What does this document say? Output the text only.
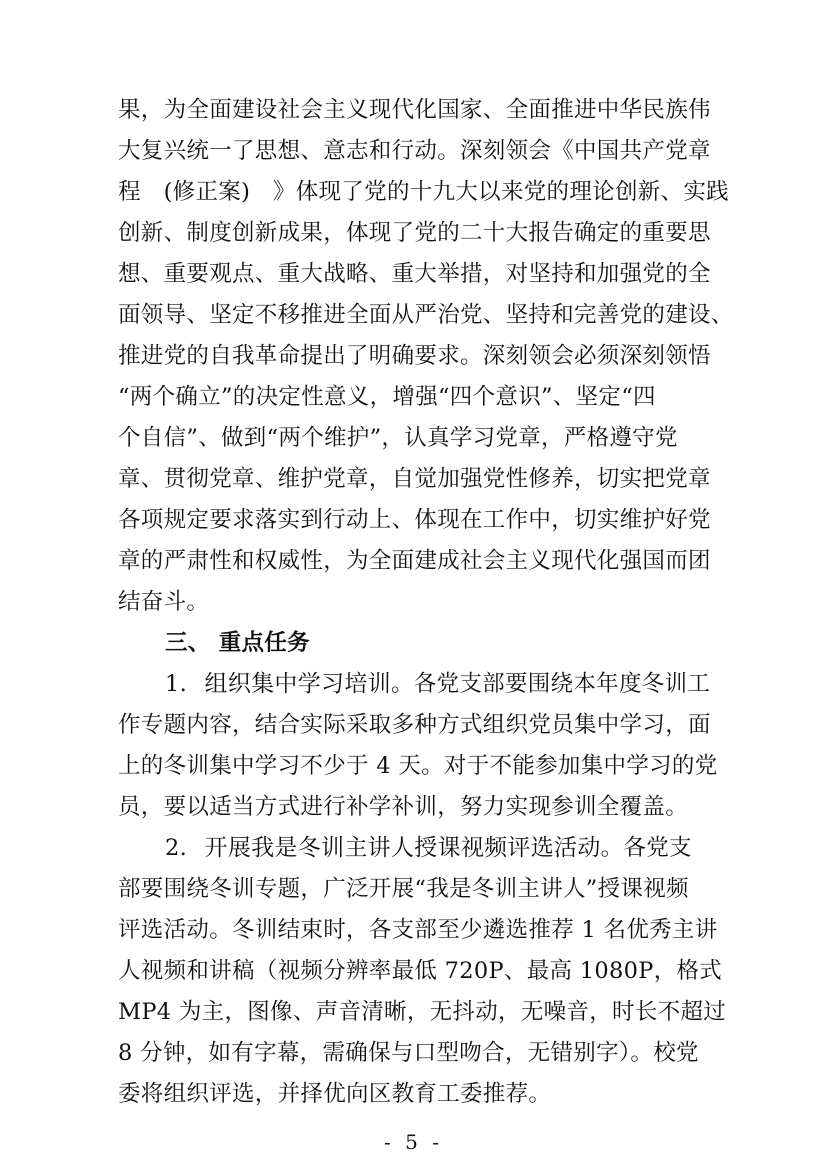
果，为全面建设社会主义现代化国家、全面推进中华民族伟
大复兴统一了思想、意志和行动。深刻领会《中国共产党章
程　(修正案)　》体现了党的十九大以来党的理论创新、实践
创新、制度创新成果，体现了党的二十大报告确定的重要思
想、重要观点、重大战略、重大举措，对坚持和加强党的全
面领导、坚定不移推进全面从严治党、坚持和完善党的建设、
推进党的自我革命提出了明确要求。深刻领会必须深刻领悟
“两个确立”的决定性意义，增强“四个意识”、坚定“四
个自信”、做到“两个维护”，认真学习党章，严格遵守党
章、贯彻党章、维护党章，自觉加强党性修养，切实把党章
各项规定要求落实到行动上、体现在工作中，切实维护好党
章的严肃性和权威性，为全面建成社会主义现代化强国而团
结奋斗。
三、 重点任务
1. 组织集中学习培训。各党支部要围绕本年度冬训工
作专题内容，结合实际采取多种方式组织党员集中学习，面
上的冬训集中学习不少于 4 天。对于不能参加集中学习的党
员，要以适当方式进行补学补训，努力实现参训全覆盖。
2. 开展我是冬训主讲人授课视频评选活动。各党支
部要围绕冬训专题，广泛开展“我是冬训主讲人”授课视频
评选活动。冬训结束时，各支部至少遴选推荐 1 名优秀主讲
人视频和讲稿（视频分辨率最低 720P、最高 1080P，格式
MP4 为主，图像、声音清晰，无抖动，无噪音，时长不超过
8 分钟，如有字幕，需确保与口型吻合，无错别字）。校党
委将组织评选，并择优向区教育工委推荐。
- 5 -
